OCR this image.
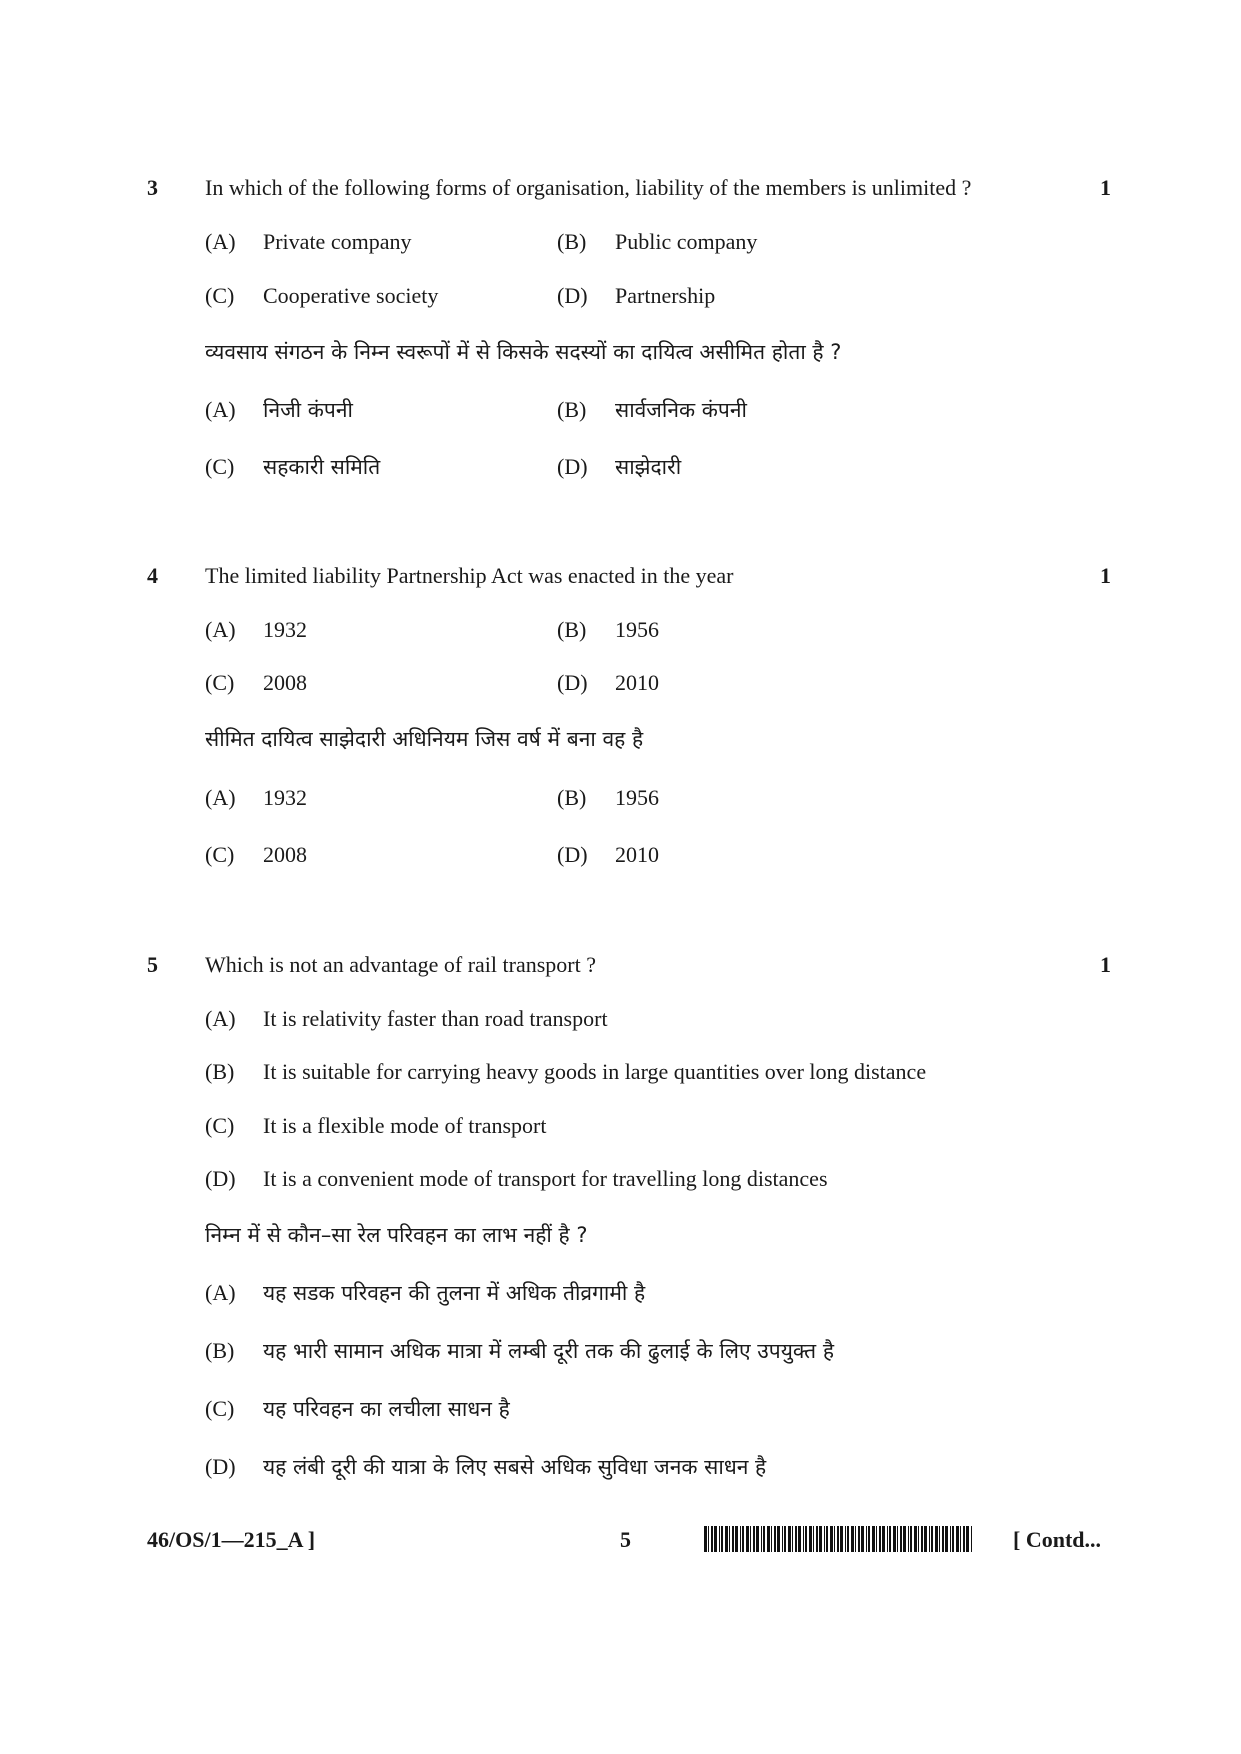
3 In which of the following forms of organisation, liability of the members is unlimited ?	1
(A) Private company	(B) Public company
(C) Cooperative society	(D) Partnership
व्यवसाय संगठन के निम्न स्वरूपों में से किसके सदस्यों का दायित्व असीमित होता है ?
(A) निजी कंपनी	(B) सार्वजनिक कंपनी
(C) सहकारी समिति	(D) साझेदारी
4 The limited liability Partnership Act was enacted in the year	1
(A) 1932	(B) 1956
(C) 2008	(D) 2010
सीमित दायित्व साझेदारी अधिनियम जिस वर्ष में बना वह है
(A) 1932	(B) 1956
(C) 2008	(D) 2010
5 Which is not an advantage of rail transport ?	1
(A) It is relativity faster than road transport
(B) It is suitable for carrying heavy goods in large quantities over long distance
(C) It is a flexible mode of transport
(D) It is a convenient mode of transport for travelling long distances
निम्न में से कौन–सा रेल परिवहन का लाभ नहीं है ?
(A) यह सडक परिवहन की तुलना में अधिक तीव्रगामी है
(B) यह भारी सामान अधिक मात्रा में लम्बी दूरी तक की ढुलाई के लिए उपयुक्त है
(C) यह परिवहन का लचीला साधन है
(D) यह लंबी दूरी की यात्रा के लिए सबसे अधिक सुविधा जनक साधन है
46/OS/1—215_A ]	5	[ Contd...
